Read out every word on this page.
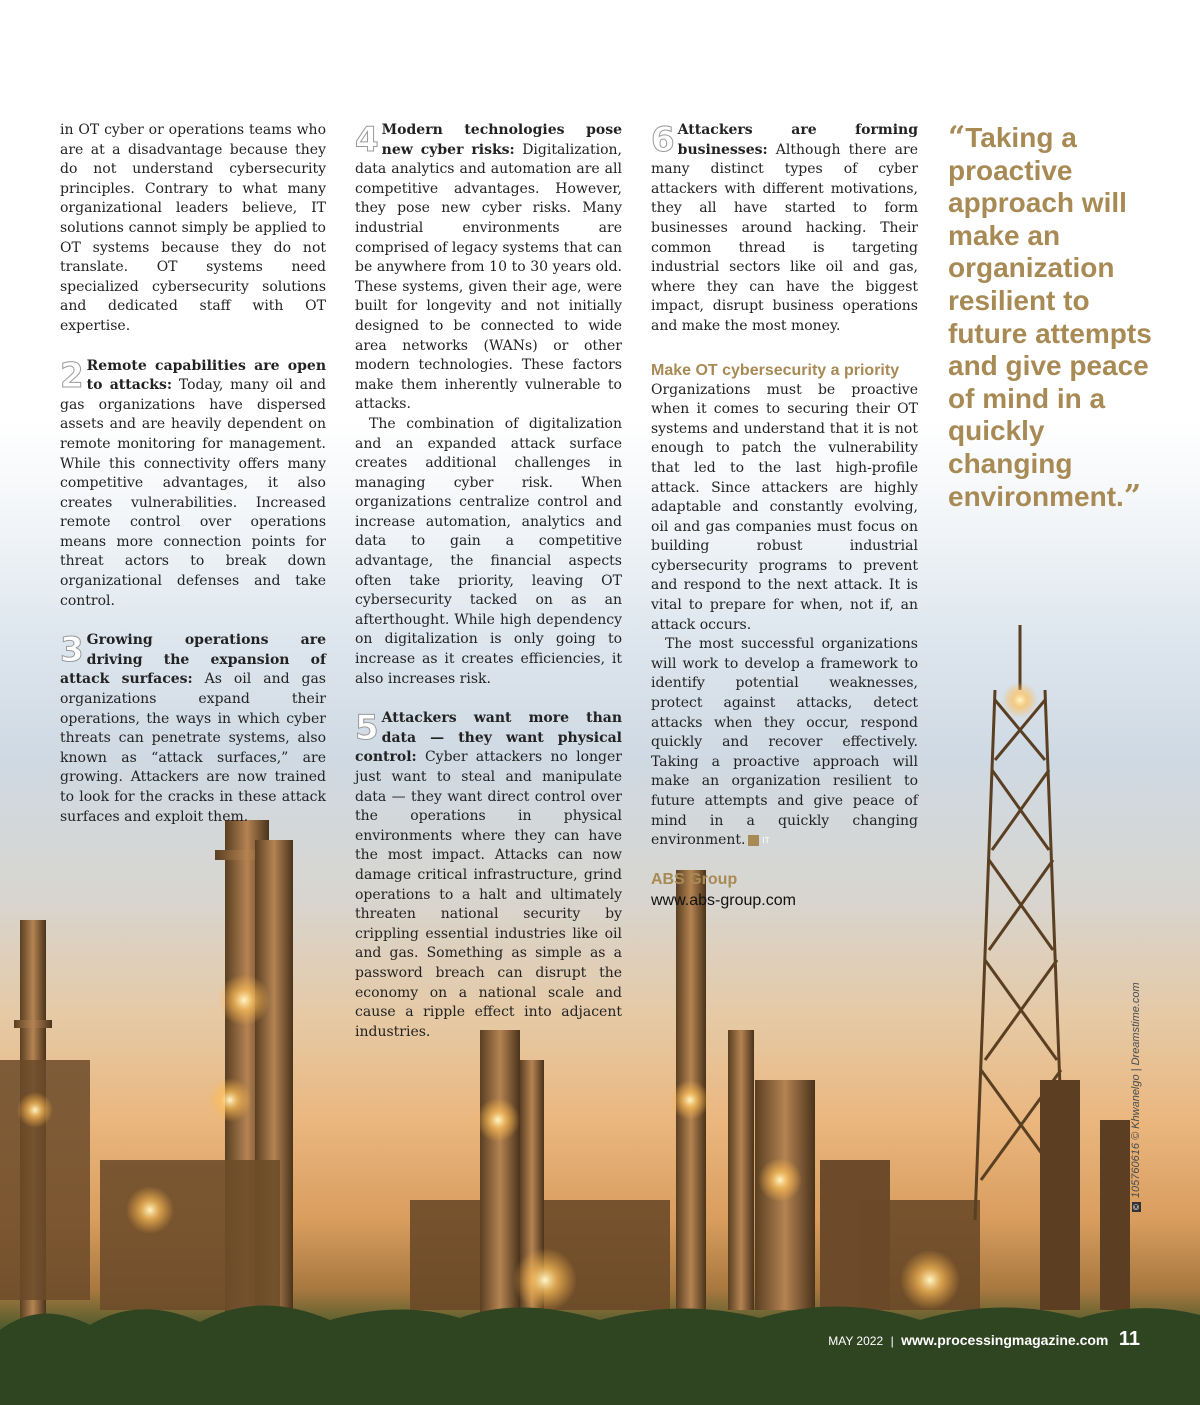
in OT cyber or operations teams who are at a disadvantage because they do not understand cybersecurity principles. Contrary to what many organizational leaders believe, IT solutions cannot simply be applied to OT systems because they do not translate. OT systems need specialized cybersecurity solutions and dedicated staff with OT expertise.

2 Remote capabilities are open to attacks: Today, many oil and gas organizations have dispersed assets and are heavily dependent on remote monitoring for management. While this connectivity offers many competitive advantages, it also creates vulnerabilities. Increased remote control over operations means more connection points for threat actors to break down organizational defenses and take control.

3 Growing operations are driving the expansion of attack surfaces: As oil and gas organizations expand their operations, the ways in which cyber threats can penetrate systems, also known as “attack surfaces,” are growing. Attackers are now trained to look for the cracks in these attack surfaces and exploit them.

4 Modern technologies pose new cyber risks: Digitalization, data analytics and automation are all competitive advantages. However, they pose new cyber risks. Many industrial environments are comprised of legacy systems that can be anywhere from 10 to 30 years old. These systems, given their age, were built for longevity and not initially designed to be connected to wide area networks (WANs) or other modern technologies. These factors make them inherently vulnerable to attacks.

The combination of digitalization and an expanded attack surface creates additional challenges in managing cyber risk. When organizations centralize control and increase automation, analytics and data to gain a competitive advantage, the financial aspects often take priority, leaving OT cybersecurity tacked on as an afterthought. While high dependency on digitalization is only going to increase as it creates efficiencies, it also increases risk.

5 Attackers want more than data — they want physical control: Cyber attackers no longer just want to steal and manipulate data — they want direct control over the operations in physical environments where they can have the most impact. Attacks can now damage critical infrastructure, grind operations to a halt and ultimately threaten national security by crippling essential industries like oil and gas. Something as simple as a password breach can disrupt the economy on a national scale and cause a ripple effect into adjacent industries.

6 Attackers are forming businesses: Although there are many distinct types of cyber attackers with different motivations, they all have started to form businesses around hacking. Their common thread is targeting industrial sectors like oil and gas, where they can have the biggest impact, disrupt business operations and make the most money.

Make OT cybersecurity a priority

Organizations must be proactive when it comes to securing their OT systems and understand that it is not enough to patch the vulnerability that led to the last high-profile attack. Since attackers are highly adaptable and constantly evolving, oil and gas companies must focus on building robust industrial cybersecurity programs to prevent and respond to the next attack. It is vital to prepare for when, not if, an attack occurs.

The most successful organizations will work to develop a framework to identify potential weaknesses, protect against attacks, detect attacks when they occur, respond quickly and recover effectively. Taking a proactive approach will make an organization resilient to future attempts and give peace of mind in a quickly changing environment. IT

ABS Group
www.abs-group.com
“Taking a proactive approach will make an organization resilient to future attempts and give peace of mind in a quickly changing environment.”
©105760616 © Khwanelgo | Dreamstime.com
MAY 2022 | www.processingmagazine.com 11
